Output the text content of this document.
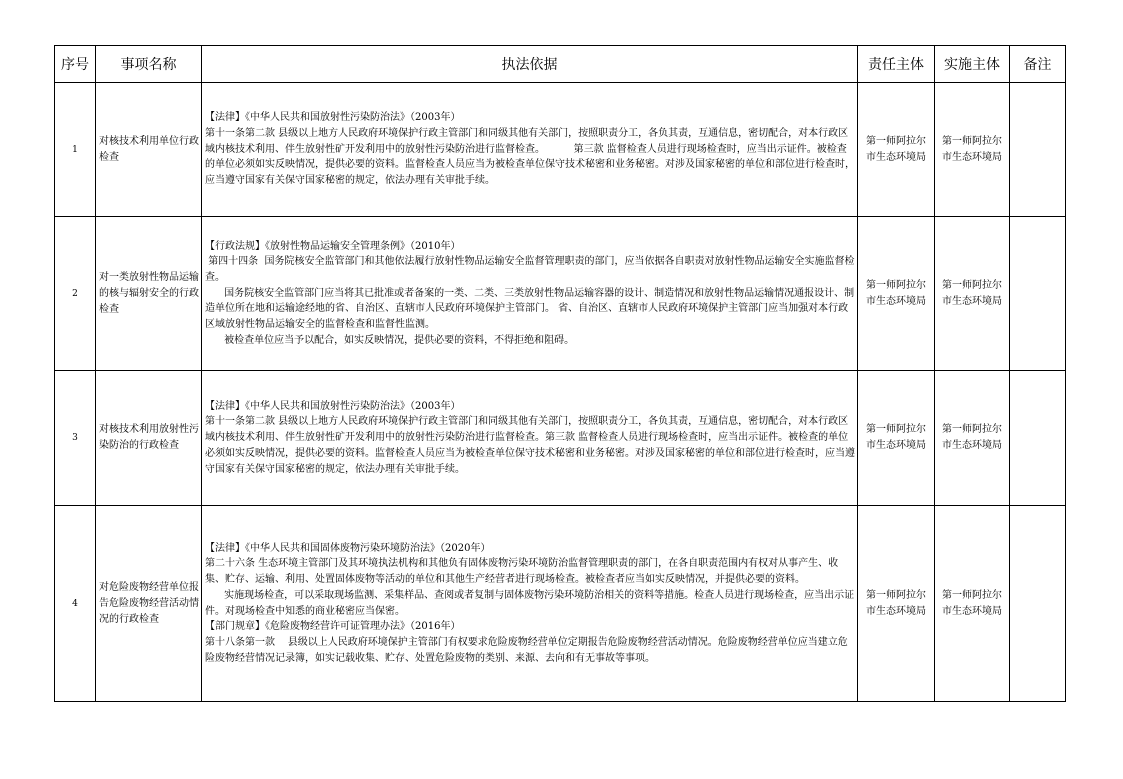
序号	事项名称	执法依据	责任主体	实施主体	备注
1	对核技术利用单位行政检查	【法律】《中华人民共和国放射性污染防治法》（2003年）

第十一条第二款 县级以上地方人民政府环境保护行政主管部门和同级其他有关部门，按照职责分工，各负其责，互通信息，密切配合，对本行政区域内核技术利用、伴生放射性矿开发利用中的放射性污染防治进行监督检查。         第三款 监督检查人员进行现场检查时，应当出示证件。被检查的单位必须如实反映情况，提供必要的资料。监督检查人员应当为被检查单位保守技术秘密和业务秘密。对涉及国家秘密的单位和部位进行检查时，应当遵守国家有关保守国家秘密的规定，依法办理有关审批手续。	第一师阿拉尔市生态环境局	第一师阿拉尔市生态环境局	
2	对一类放射性物品运输的核与辐射安全的行政检查	【行政法规】《放射性物品运输安全管理条例》（2010年）

第四十四条  国务院核安全监管部门和其他依法履行放射性物品运输安全监督管理职责的部门，应当依据各自职责对放射性物品运输安全实施监督检查。

国务院核安全监管部门应当将其已批准或者备案的一类、二类、三类放射性物品运输容器的设计、制造情况和放射性物品运输情况通报设计、制造单位所在地和运输途经地的省、自治区、直辖市人民政府环境保护主管部门。 省、自治区、直辖市人民政府环境保护主管部门应当加强对本行政区域放射性物品运输安全的监督检查和监督性监测。

被检查单位应当予以配合，如实反映情况，提供必要的资料，不得拒绝和阻碍。	第一师阿拉尔市生态环境局	第一师阿拉尔市生态环境局	
3	对核技术利用放射性污染防治的行政检查	【法律】《中华人民共和国放射性污染防治法》（2003年）

第十一条第二款 县级以上地方人民政府环境保护行政主管部门和同级其他有关部门，按照职责分工，各负其责，互通信息，密切配合，对本行政区域内核技术利用、伴生放射性矿开发利用中的放射性污染防治进行监督检查。第三款 监督检查人员进行现场检查时，应当出示证件。被检查的单位必须如实反映情况，提供必要的资料。监督检查人员应当为被检查单位保守技术秘密和业务秘密。对涉及国家秘密的单位和部位进行检查时，应当遵守国家有关保守国家秘密的规定，依法办理有关审批手续。	第一师阿拉尔市生态环境局	第一师阿拉尔市生态环境局	
4	对危险废物经营单位报告危险废物经营活动情况的行政检查	【法律】《中华人民共和国固体废物污染环境防治法》（2020年）

第二十六条 生态环境主管部门及其环境执法机构和其他负有固体废物污染环境防治监督管理职责的部门，在各自职责范围内有权对从事产生、收集、贮存、运输、利用、处置固体废物等活动的单位和其他生产经营者进行现场检查。被检查者应当如实反映情况，并提供必要的资料。

实施现场检查，可以采取现场监测、采集样品、查阅或者复制与固体废物污染环境防治相关的资料等措施。检查人员进行现场检查，应当出示证件。对现场检查中知悉的商业秘密应当保密。

【部门规章】《危险废物经营许可证管理办法》（2016年）

第十八条第一款    县级以上人民政府环境保护主管部门有权要求危险废物经营单位定期报告危险废物经营活动情况。危险废物经营单位应当建立危险废物经营情况记录簿，如实记载收集、贮存、处置危险废物的类别、来源、去向和有无事故等事项。	第一师阿拉尔市生态环境局	第一师阿拉尔市生态环境局	
